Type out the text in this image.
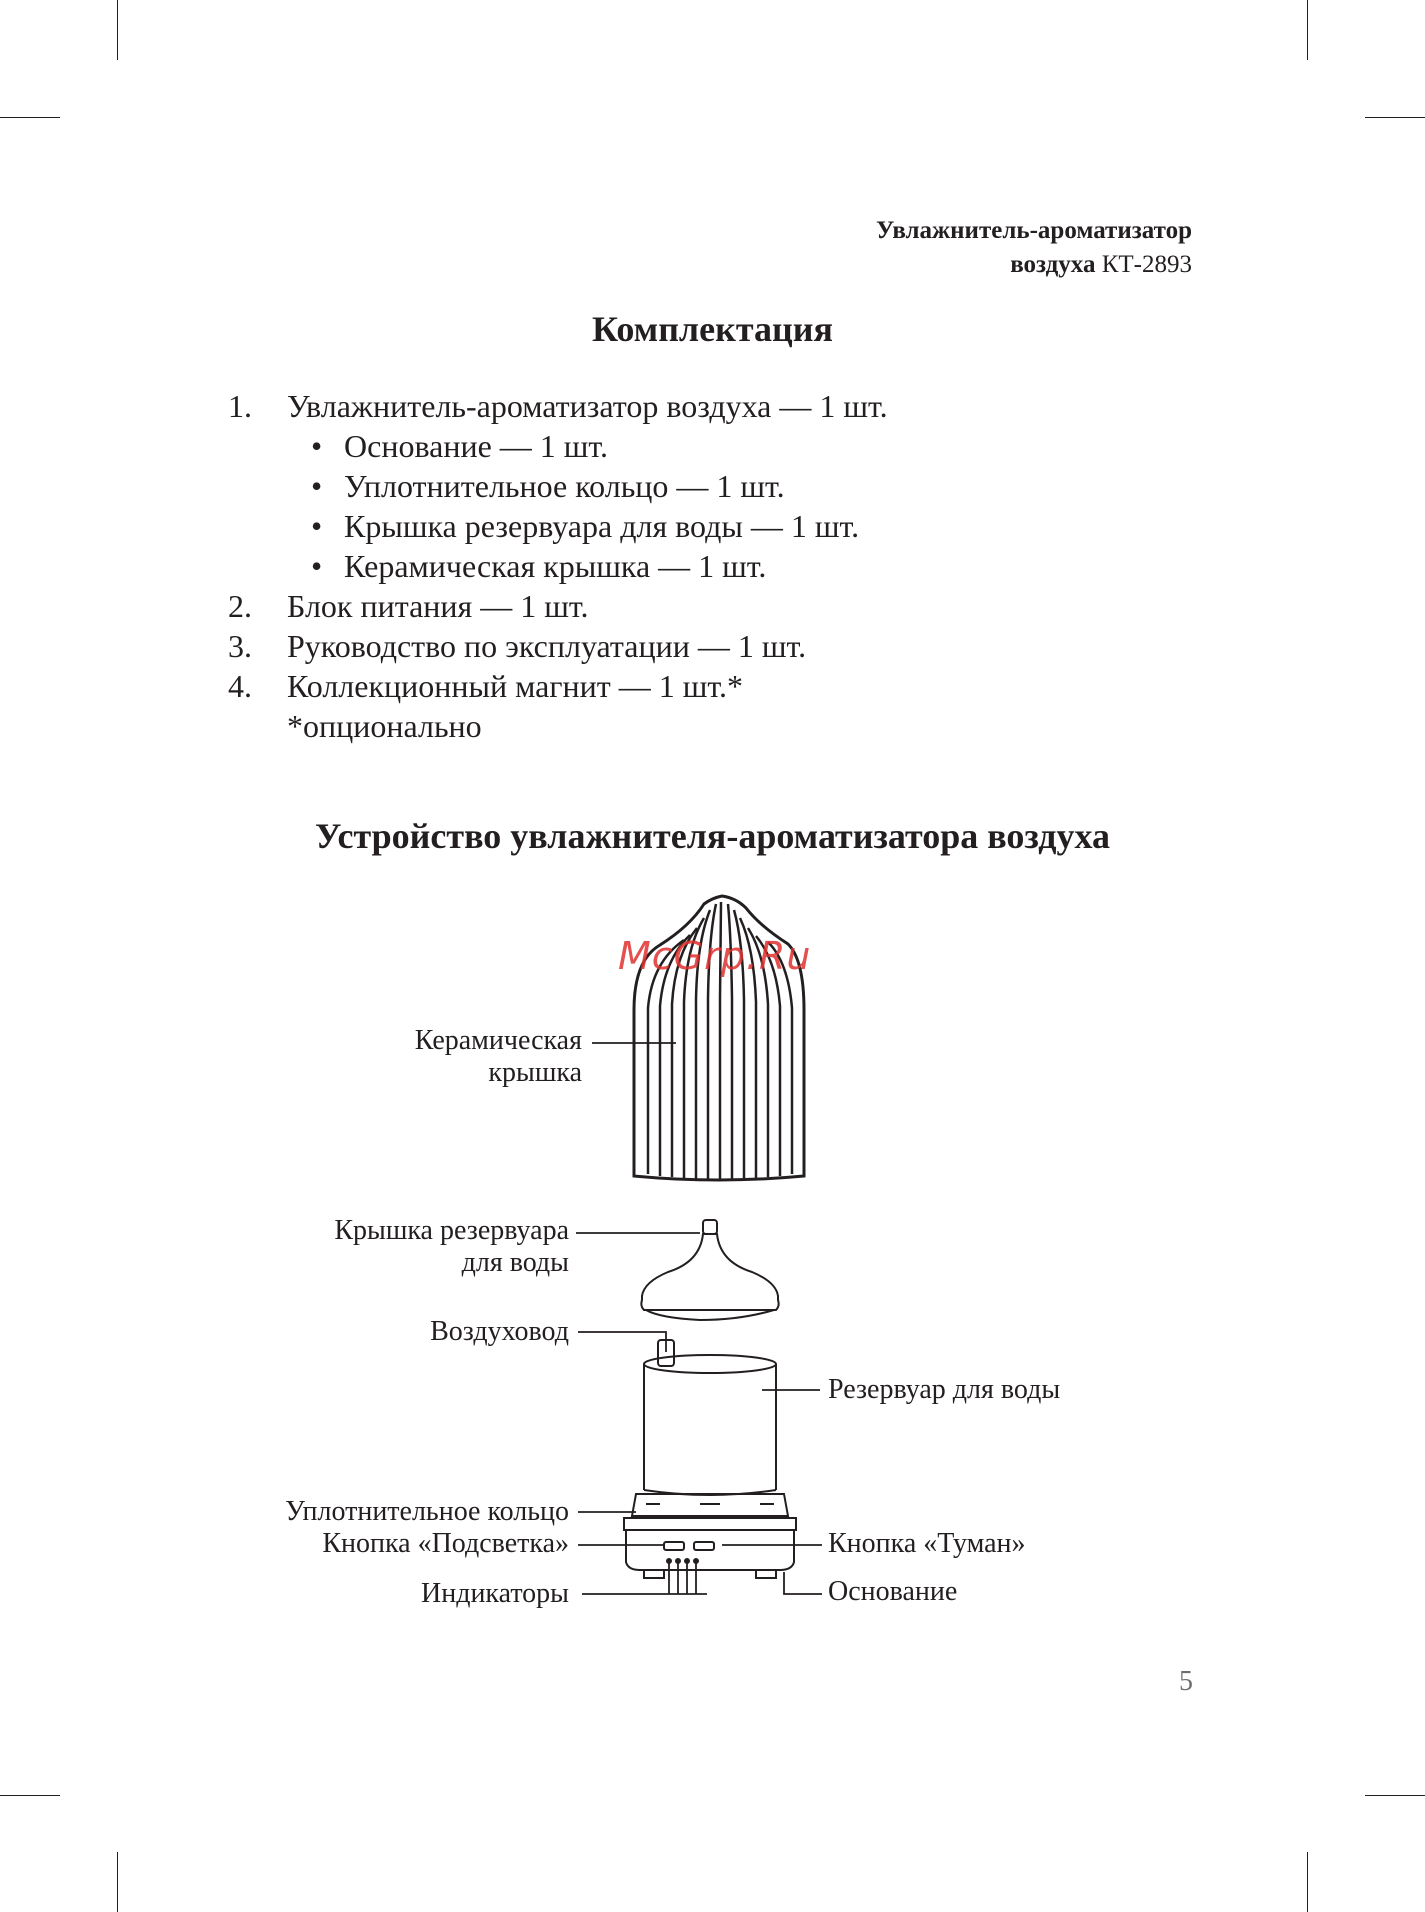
Увлажнитель-ароматизатор
воздуха КТ-2893
Комплектация
1. Увлажнитель-ароматизатор воздуха — 1 шт.
• Основание — 1 шт.
• Уплотнительное кольцо — 1 шт.
• Крышка резервуара для воды — 1 шт.
• Керамическая крышка — 1 шт.
2. Блок питания — 1 шт.
3. Руководство по эксплуатации — 1 шт.
4. Коллекционный магнит — 1 шт.*
*опционально
Устройство увлажнителя-ароматизатора воздуха
Керамическая
крышка
Крышка резервуара
для воды
Воздуховод
Резервуар для воды
Уплотнительное кольцо
Кнопка «Подсветка»	Кнопка «Туман»
Индикаторы	Основание
McGrp.Ru
5
